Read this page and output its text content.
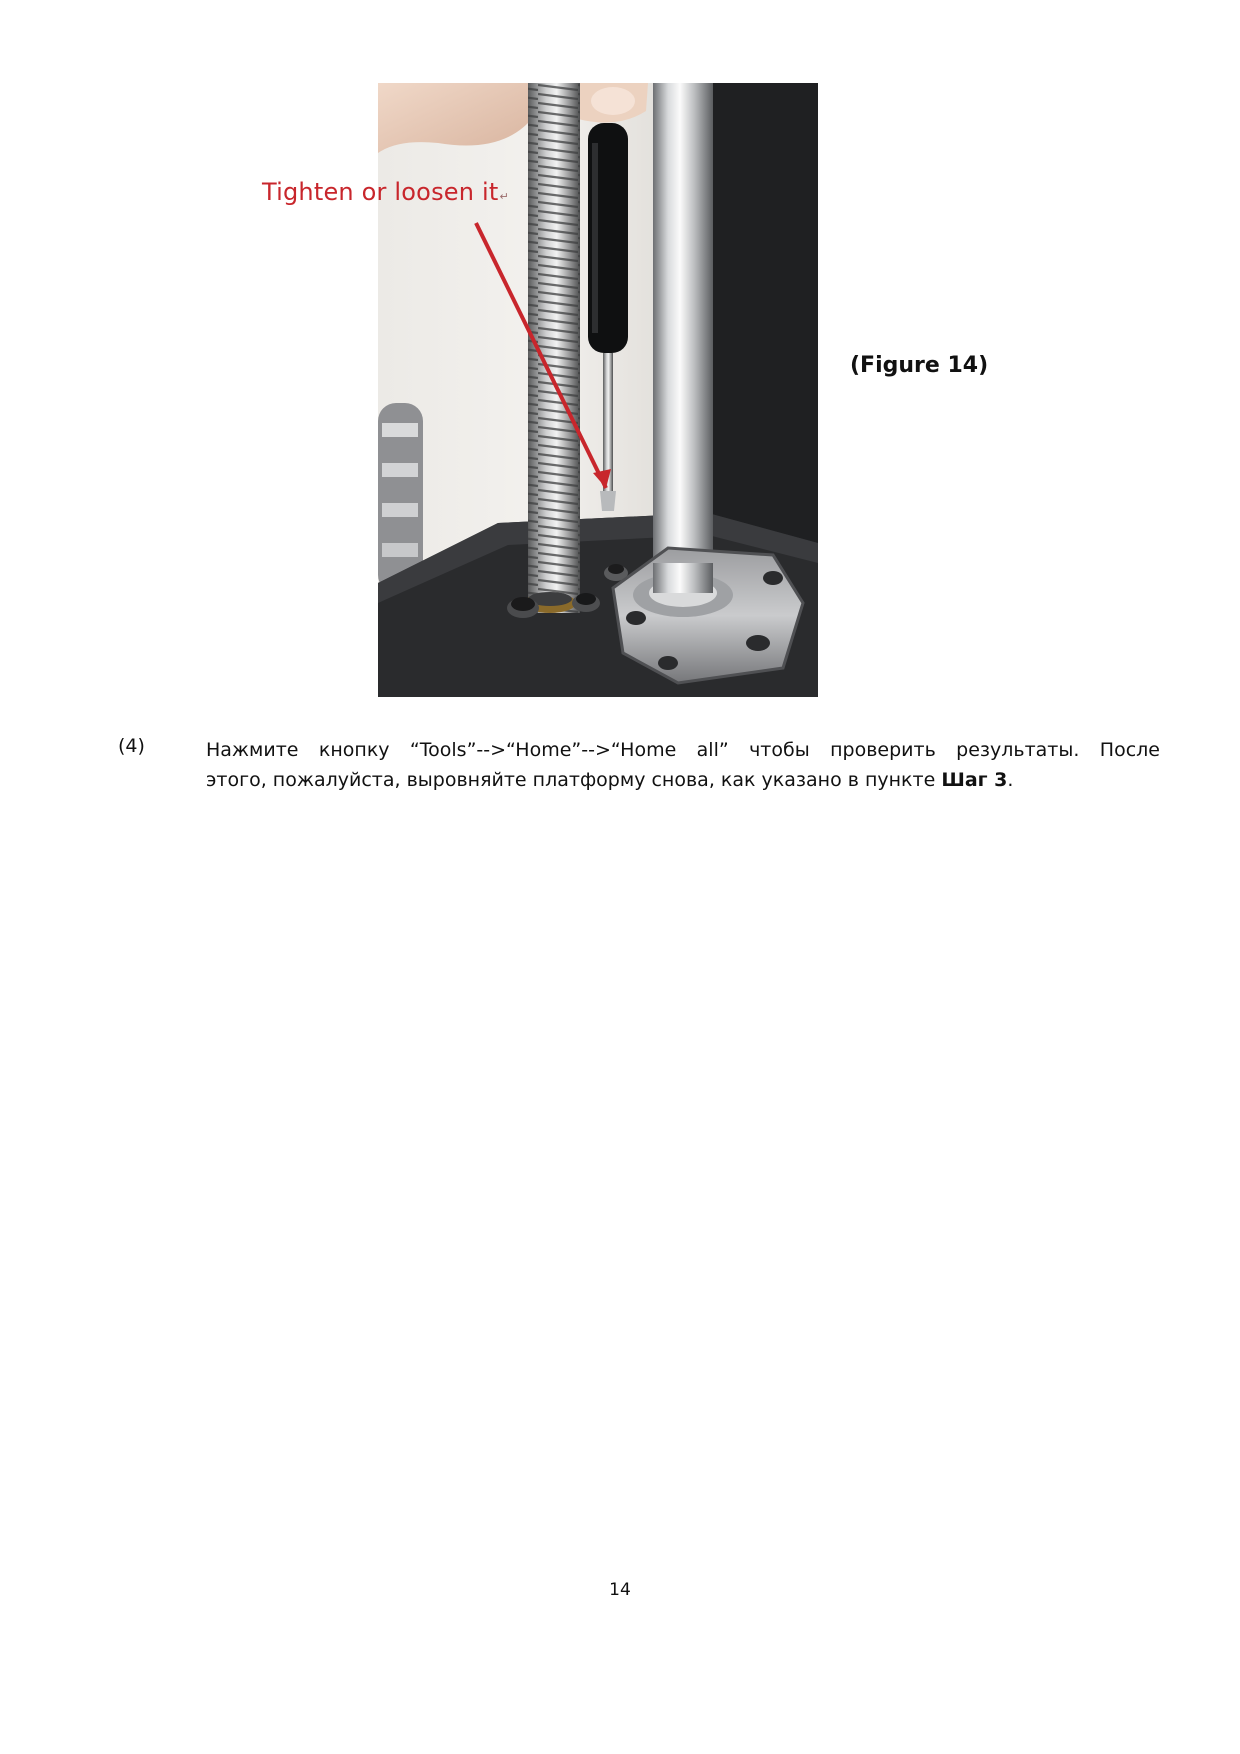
Tighten or loosen it↵
(Figure 14)
(4)	Нажмите кнопку “Tools”-->“Home”-->“Home all” чтобы проверить результаты. После
этого, пожалуйста, выровняйте платформу снова, как указано в пункте Шаг 3.
14
